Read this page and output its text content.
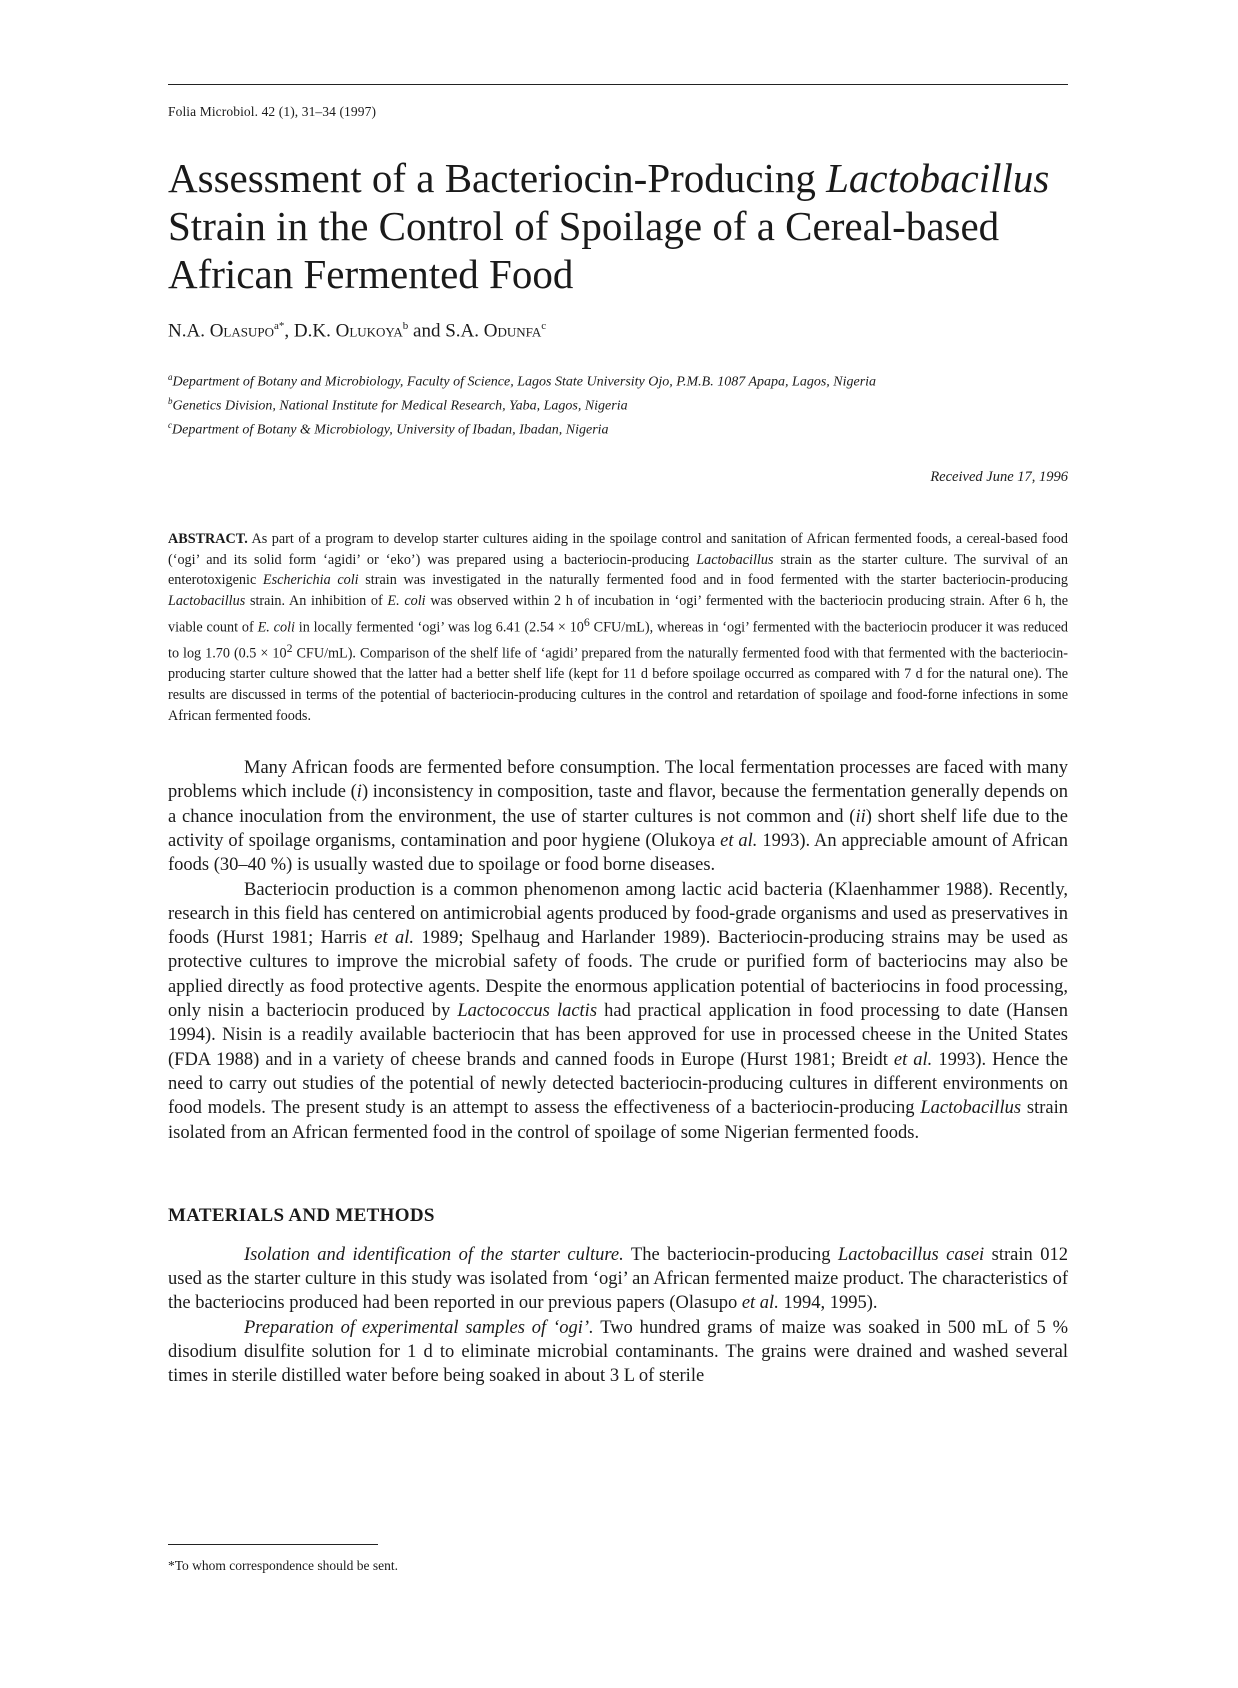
Folia Microbiol. 42 (1), 31–34 (1997)
Assessment of a Bacteriocin-Producing Lactobacillus
Strain in the Control of Spoilage of a Cereal-based
African Fermented Food
N.A. Olasupo$^{a*}$, D.K. Olukoya$^b$ and S.A. Odunfa$^c$
$^a$Department of Botany and Microbiology, Faculty of Science, Lagos State University Ojo, P.M.B. 1087 Apapa, Lagos, Nigeria
$^b$Genetics Division, National Institute for Medical Research, Yaba, Lagos, Nigeria
$^c$Department of Botany & Microbiology, University of Ibadan, Ibadan, Nigeria
Received June 17, 1996
ABSTRACT. As part of a program to develop starter cultures aiding in the spoilage control and sanitation of African fermented foods, a cereal-based food (‘ogi’ and its solid form ‘agidi’ or ‘eko’) was prepared using a bacteriocin-producing Lactobacillus strain as the starter culture. The survival of an enterotoxigenic Escherichia coli strain was investigated in the naturally fermented food and in food fermented with the starter bacteriocin-producing Lactobacillus strain. An inhibition of E. coli was observed within 2 h of incubation in ‘ogi’ fermented with the bacteriocin producing strain. After 6 h, the viable count of E. coli in locally fermented ‘ogi’ was log 6.41 ($2.54 \times 10^6$ CFU/mL), whereas in ‘ogi’ fermented with the bacteriocin producer it was reduced to log 1.70 ($0.5 \times 10^2$ CFU/mL). Comparison of the shelf life of ‘agidi’ prepared from the naturally fermented food with that fermented with the bacteriocin-producing starter culture showed that the latter had a better shelf life (kept for 11 d before spoilage occurred as compared with 7 d for the natural one). The results are discussed in terms of the potential of bacteriocin-producing cultures in the control and retardation of spoilage and food-forne infections in some African fermented foods.

Many African foods are fermented before consumption. The local fermentation processes are faced with many problems which include (i) inconsistency in composition, taste and flavor, because the fermentation generally depends on a chance inoculation from the environment, the use of starter cultures is not common and (ii) short shelf life due to the activity of spoilage organisms, contamination and poor hygiene (Olukoya et al. 1993). An appreciable amount of African foods (30–40 %) is usually wasted due to spoilage or food borne diseases.

Bacteriocin production is a common phenomenon among lactic acid bacteria (Klaenhammer 1988). Recently, research in this field has centered on antimicrobial agents produced by food-grade organisms and used as preservatives in foods (Hurst 1981; Harris et al. 1989; Spelhaug and Harlander 1989). Bacteriocin-producing strains may be used as protective cultures to improve the microbial safety of foods. The crude or purified form of bacteriocins may also be applied directly as food protective agents. Despite the enormous application potential of bacteriocins in food processing, only nisin a bacteriocin produced by Lactococcus lactis had practical application in food processing to date (Hansen 1994). Nisin is a readily available bacteriocin that has been approved for use in processed cheese in the United States (FDA 1988) and in a variety of cheese brands and canned foods in Europe (Hurst 1981; Breidt et al. 1993). Hence the need to carry out studies of the potential of newly detected bacteriocin-producing cultures in different environments on food models. The present study is an attempt to assess the effectiveness of a bacteriocin-producing Lactobacillus strain isolated from an African fermented food in the control of spoilage of some Nigerian fermented foods.

MATERIALS AND METHODS

Isolation and identification of the starter culture. The bacteriocin-producing Lactobacillus casei strain 012 used as the starter culture in this study was isolated from ‘ogi’ an African fermented maize product. The characteristics of the bacteriocins produced had been reported in our previous papers (Olasupo et al. 1994, 1995).

Preparation of experimental samples of ‘ogi’. Two hundred grams of maize was soaked in 500 mL of 5 % disodium disulfite solution for 1 d to eliminate microbial contaminants. The grains were drained and washed several times in sterile distilled water before being soaked in about 3 L of sterile

*To whom correspondence should be sent.
